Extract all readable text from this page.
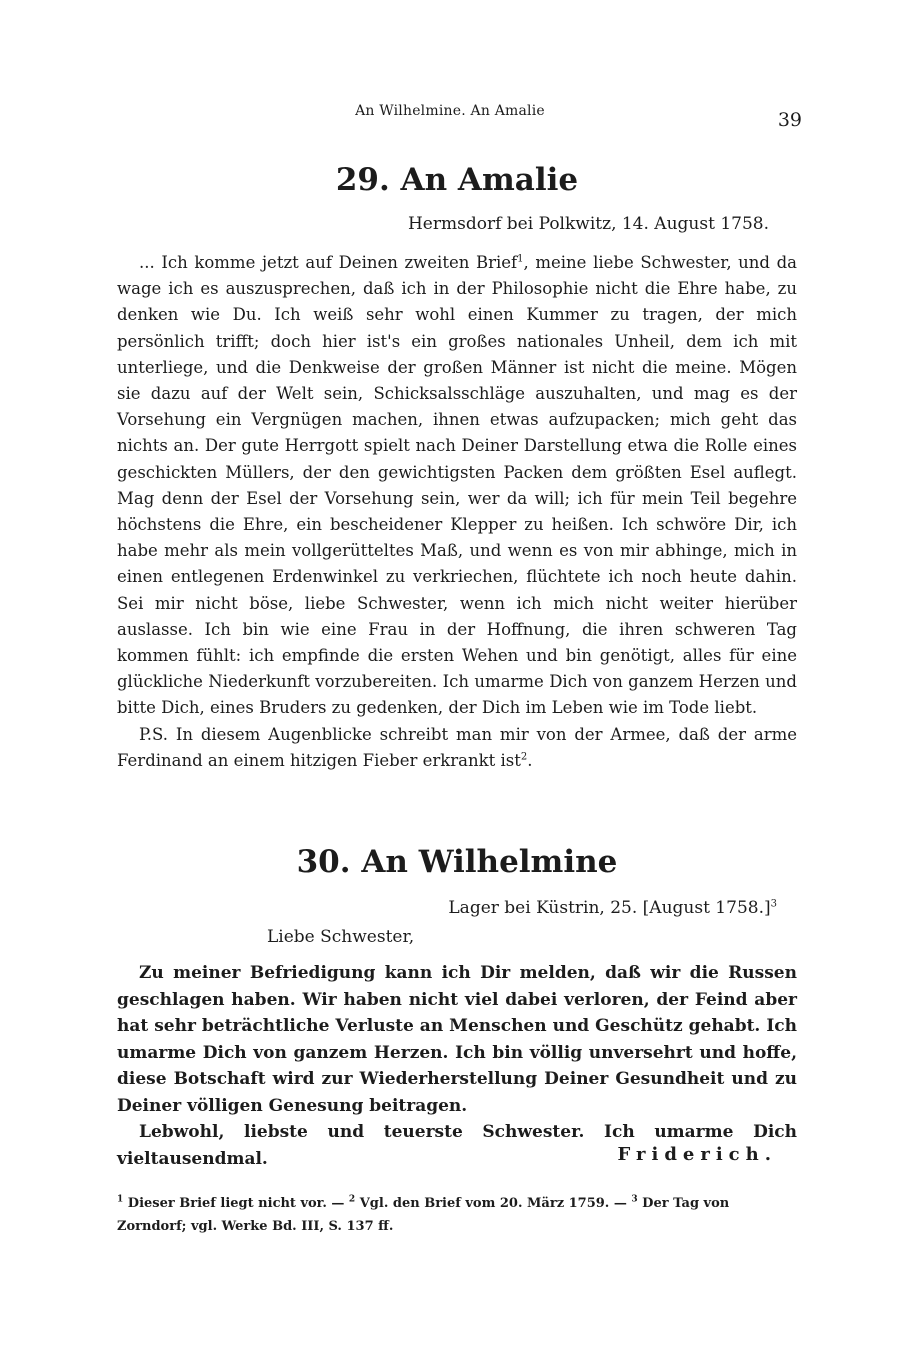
An Wilhelmine. An Amalie	39
29. An Amalie

Hermsdorf bei Polkwitz, 14. August 1758.

... Ich komme jetzt auf Deinen zweiten Brief$^1$, meine liebe Schwester, und da wage ich es auszusprechen, daß ich in der Philosophie nicht die Ehre habe, zu denken wie Du. Ich weiß sehr wohl einen Kummer zu tragen, der mich persönlich trifft; doch hier ist's ein großes nationales Unheil, dem ich mit unterliege, und die Denkweise der großen Männer ist nicht die meine. Mögen sie dazu auf der Welt sein, Schicksalsschläge auszuhalten, und mag es der Vorsehung ein Vergnügen machen, ihnen etwas aufzupacken; mich geht das nichts an. Der gute Herrgott spielt nach Deiner Darstellung etwa die Rolle eines geschickten Müllers, der den gewichtigsten Packen dem größten Esel auflegt. Mag denn der Esel der Vorsehung sein, wer da will; ich für mein Teil begehre höchstens die Ehre, ein bescheidener Klepper zu heißen. Ich schwöre Dir, ich habe mehr als mein vollgerütteltes Maß, und wenn es von mir abhinge, mich in einen entlegenen Erdenwinkel zu verkriechen, flüchtete ich noch heute dahin. Sei mir nicht böse, liebe Schwester, wenn ich mich nicht weiter hierüber auslasse. Ich bin wie eine Frau in der Hoffnung, die ihren schweren Tag kommen fühlt: ich empfinde die ersten Wehen und bin genötigt, alles für eine glückliche Niederkunft vorzubereiten. Ich umarme Dich von ganzem Herzen und bitte Dich, eines Bruders zu gedenken, der Dich im Leben wie im Tode liebt.

P.S. In diesem Augenblicke schreibt man mir von der Armee, daß der arme Ferdinand an einem hitzigen Fieber erkrankt ist$^2$.

30. An Wilhelmine

Lager bei Küstrin, 25. [August 1758.]$^3$

Liebe Schwester,

Zu meiner Befriedigung kann ich Dir melden, daß wir die Russen geschlagen haben. Wir haben nicht viel dabei verloren, der Feind aber hat sehr beträchtliche Verluste an Menschen und Geschütz gehabt. Ich umarme Dich von ganzem Herzen. Ich bin völlig unversehrt und hoffe, diese Botschaft wird zur Wiederherstellung Deiner Gesundheit und zu Deiner völligen Genesung beitragen.

Lebwohl, liebste und teuerste Schwester. Ich umarme Dich vieltausendmal.	Friderich.

$^1$ Dieser Brief liegt nicht vor. — $^2$ Vgl. den Brief vom 20. März 1759. — $^3$ Der Tag von Zorndorf; vgl. Werke Bd. III, S. 137 ff.
